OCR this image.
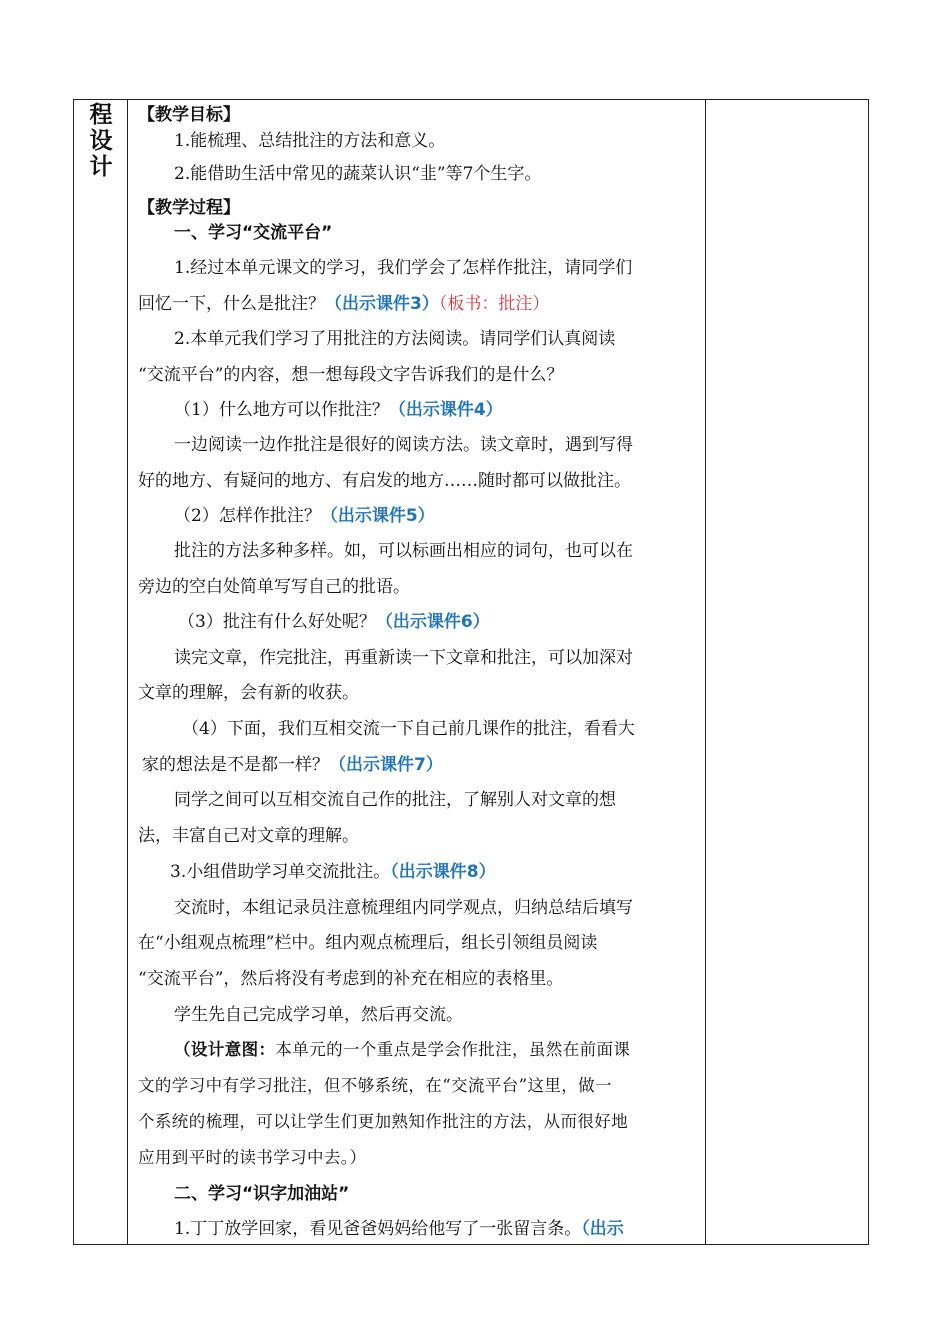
程
设
计
【教学目标】
1.能梳理、总结批注的方法和意义。
2.能借助生活中常见的蔬菜认识“韭”等7个生字。
【教学过程】
一、学习“交流平台”
1.经过本单元课文的学习，我们学会了怎样作批注，请同学们
回忆一下，什么是批注？（出示课件3）（板书：批注）
2.本单元我们学习了用批注的方法阅读。请同学们认真阅读
“交流平台”的内容，想一想每段文字告诉我们的是什么？
（1）什么地方可以作批注？（出示课件4）
一边阅读一边作批注是很好的阅读方法。读文章时，遇到写得
好的地方、有疑问的地方、有启发的地方……随时都可以做批注。
（2）怎样作批注？（出示课件5）
批注的方法多种多样。如，可以标画出相应的词句，也可以在
旁边的空白处简单写写自己的批语。
（3）批注有什么好处呢？（出示课件6）
读完文章，作完批注，再重新读一下文章和批注，可以加深对
文章的理解，会有新的收获。
（4）下面，我们互相交流一下自己前几课作的批注，看看大
家的想法是不是都一样？（出示课件7）
同学之间可以互相交流自己作的批注，了解别人对文章的想
法，丰富自己对文章的理解。
3.小组借助学习单交流批注。（出示课件8）
交流时，本组记录员注意梳理组内同学观点，归纳总结后填写
在“小组观点梳理”栏中。组内观点梳理后，组长引领组员阅读
“交流平台”，然后将没有考虑到的补充在相应的表格里。
学生先自己完成学习单，然后再交流。
（设计意图：本单元的一个重点是学会作批注，虽然在前面课
文的学习中有学习批注，但不够系统，在“交流平台”这里，做一
个系统的梳理，可以让学生们更加熟知作批注的方法，从而很好地
应用到平时的读书学习中去。）
二、学习“识字加油站”
1.丁丁放学回家，看见爸爸妈妈给他写了一张留言条。（出示
